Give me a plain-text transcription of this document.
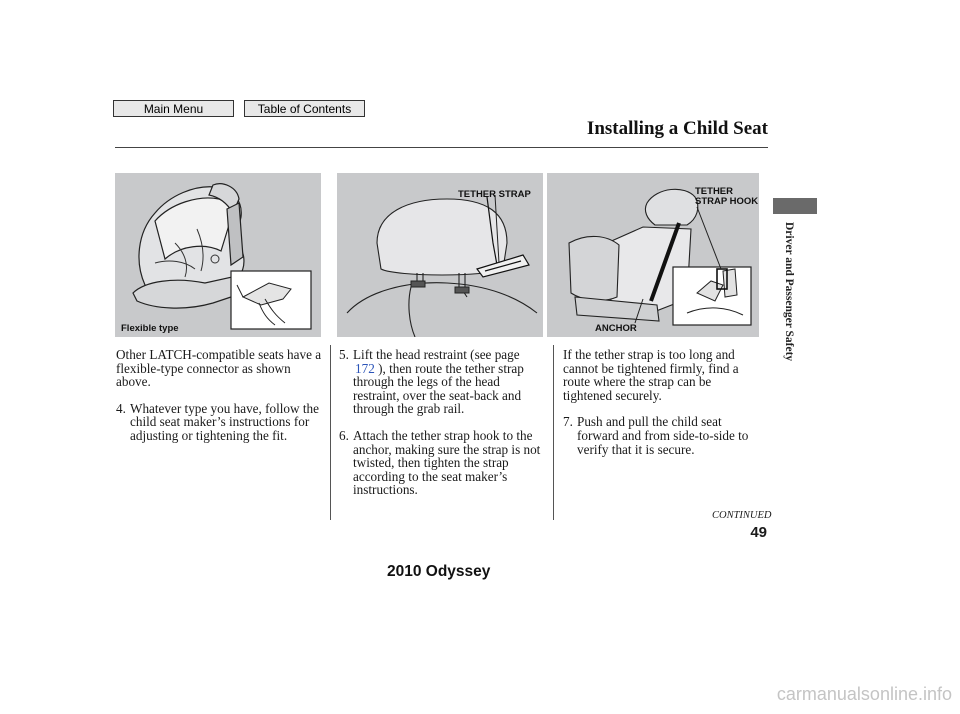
Main Menu	Table of Contents
Installing a Child Seat
Driver and Passenger Safety
Flexible type
TETHER STRAP	TETHER
STRAP HOOK
ANCHOR

Other LATCH-compatible seats have a flexible-type connector as shown above.

4. Whatever type you have, follow the child seat maker’s instructions for adjusting or tightening the fit.
5. Lift the head restraint (see page
172 ), then route the tether strap through the legs of the head restraint, over the seat-back and through the grab rail.
6. Attach the tether strap hook to the anchor, making sure the strap is not twisted, then tighten the strap according to the seat maker’s instructions.

If the tether strap is too long and cannot be tightened firmly, find a route where the strap can be tightened securely.

7. Push and pull the child seat forward and from side-to-side to verify that it is secure.
CONTINUED
49
2010 Odyssey
carmanualsonline.info
